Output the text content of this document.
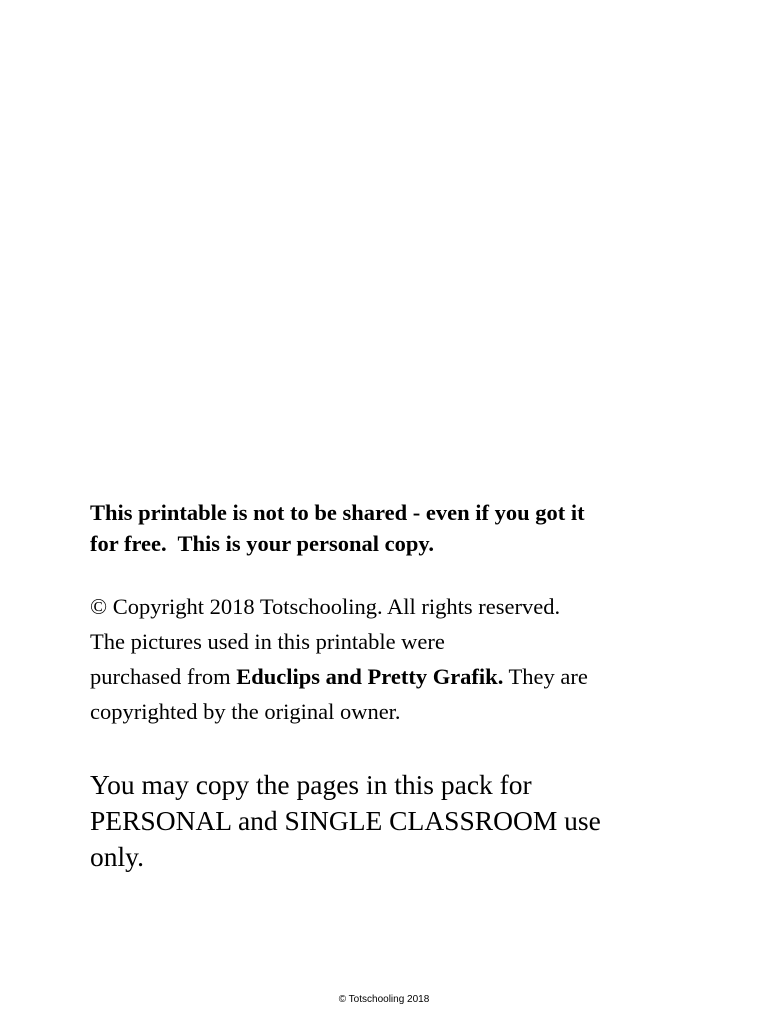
This printable is not to be shared - even if you got it
for free.  This is your personal copy.
© Copyright 2018 Totschooling. All rights reserved.
The pictures used in this printable were
purchased from Educlips and Pretty Grafik. They are
copyrighted by the original owner.
You may copy the pages in this pack for
PERSONAL and SINGLE CLASSROOM use
only.
© Totschooling 2018
